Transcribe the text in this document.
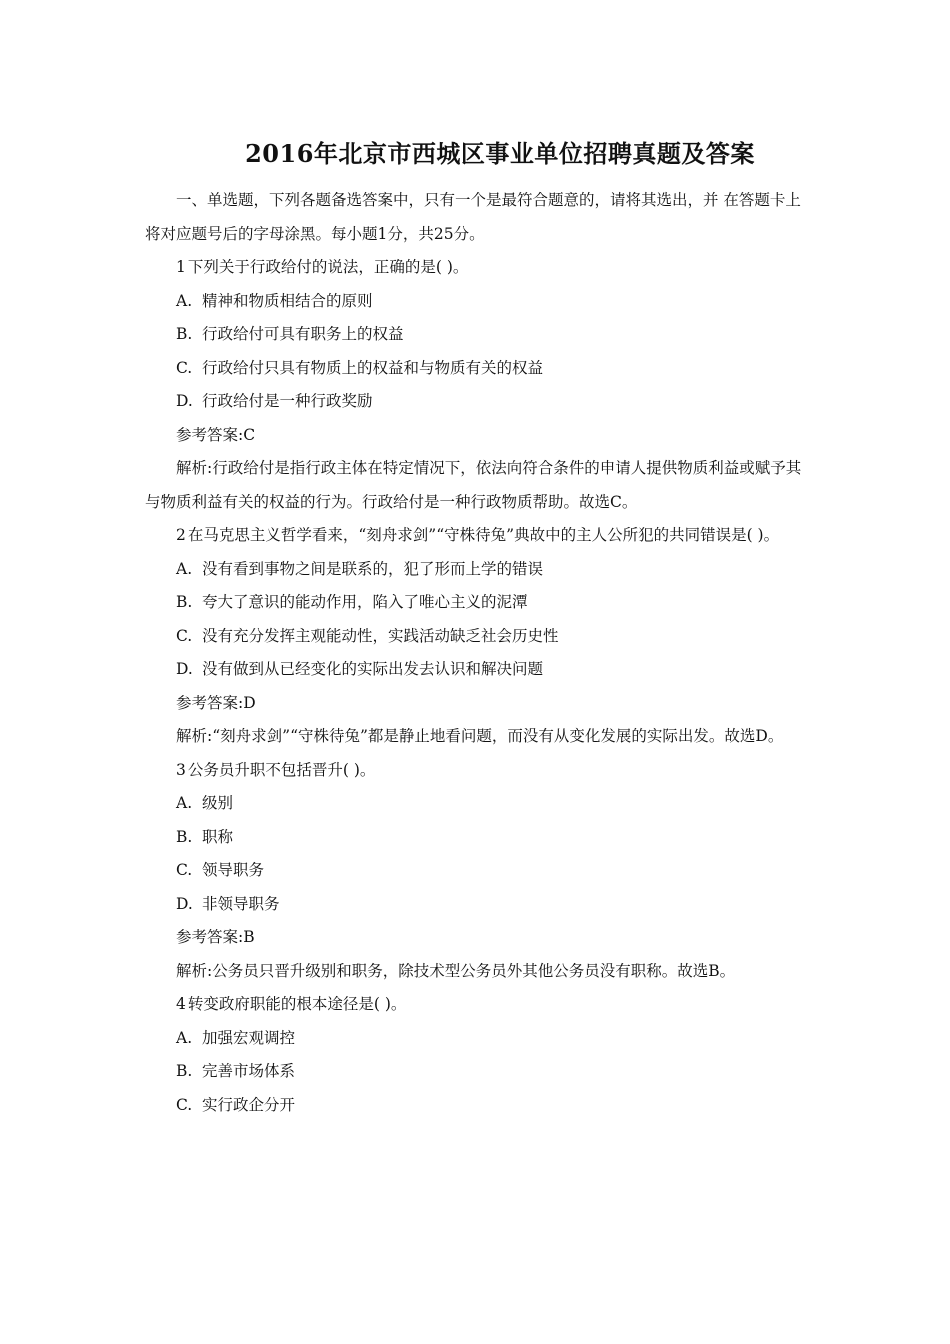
2016年北京市西城区事业单位招聘真题及答案

一、单选题，下列各题备选答案中，只有一个是最符合题意的，请将其选出，并 在答题卡上将对应题号后的字母涂黑。每小题1分，共25分。

1 下列关于行政给付的说法，正确的是( )。

A. 精神和物质相结合的原则

B. 行政给付可具有职务上的权益

C. 行政给付只具有物质上的权益和与物质有关的权益

D. 行政给付是一种行政奖励

参考答案:C

解析:行政给付是指行政主体在特定情况下，依法向符合条件的申请人提供物质利益或赋予其与物质利益有关的权益的行为。行政给付是一种行政物质帮助。故选C。

2 在马克思主义哲学看来，“刻舟求剑”“守株待兔”典故中的主人公所犯的共同错误是( )。

A. 没有看到事物之间是联系的，犯了形而上学的错误

B. 夸大了意识的能动作用，陷入了唯心主义的泥潭

C. 没有充分发挥主观能动性，实践活动缺乏社会历史性

D. 没有做到从已经变化的实际出发去认识和解决问题

参考答案:D

解析:“刻舟求剑”“守株待兔”都是静止地看问题，而没有从变化发展的实际出发。故选D。

3 公务员升职不包括晋升( )。

A. 级别

B. 职称

C. 领导职务

D. 非领导职务

参考答案:B

解析:公务员只晋升级别和职务，除技术型公务员外其他公务员没有职称。故选B。

4 转变政府职能的根本途径是( )。

A. 加强宏观调控

B. 完善市场体系

C. 实行政企分开
